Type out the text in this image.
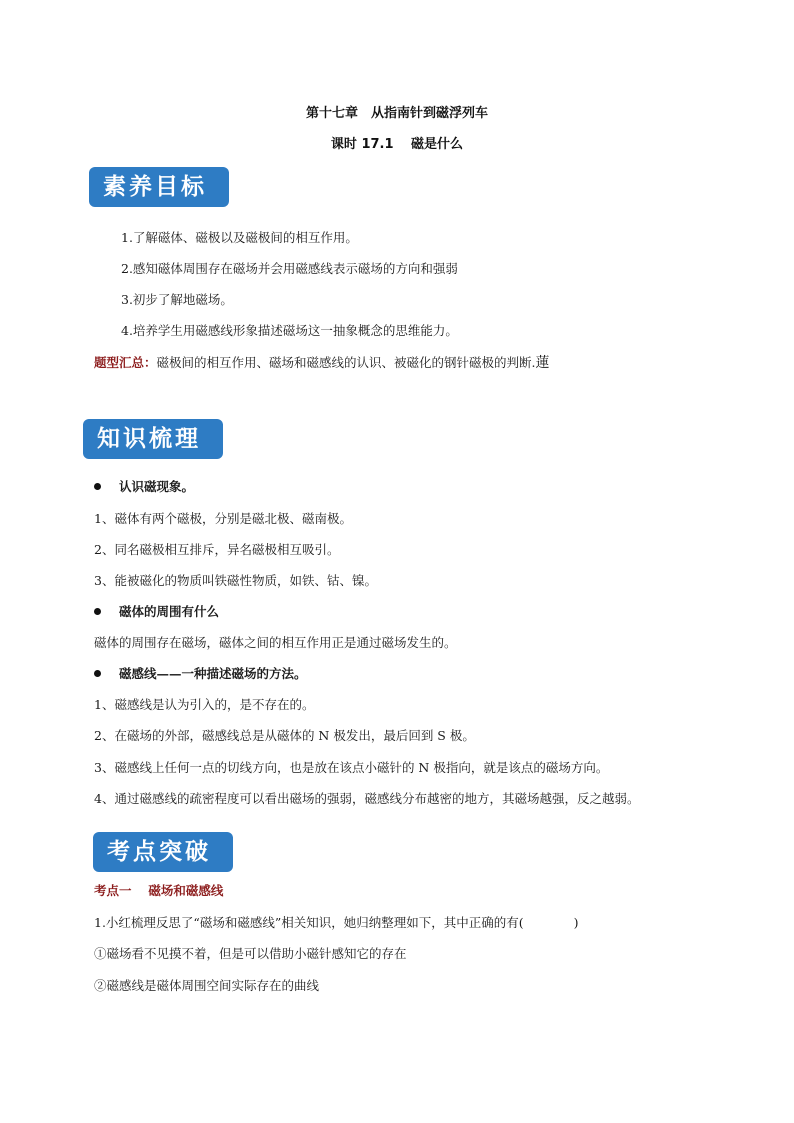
第十七章　从指南针到磁浮列车
课时 17.1　 磁是什么
素养目标
1.了解磁体、磁极以及磁极间的相互作用。
2.感知磁体周围存在磁场并会用磁感线表示磁场的方向和强弱
3.初步了解地磁场。
4.培养学生用磁感线形象描述磁场这一抽象概念的思维能力。
题型汇总：磁极间的相互作用、磁场和磁感线的认识、被磁化的钢针磁极的判断.蓮
知识梳理
认识磁现象。
1、磁体有两个磁极，分别是磁北极、磁南极。
2、同名磁极相互排斥，异名磁极相互吸引。
3、能被磁化的物质叫铁磁性物质，如铁、钴、镍。
磁体的周围有什么
磁体的周围存在磁场，磁体之间的相互作用正是通过磁场发生的。
磁感线——一种描述磁场的方法。
1、磁感线是认为引入的，是不存在的。
2、在磁场的外部，磁感线总是从磁体的 N 极发出，最后回到 S 极。
3、磁感线上任何一点的切线方向，也是放在该点小磁针的 N 极指向，就是该点的磁场方向。
4、通过磁感线的疏密程度可以看出磁场的强弱，磁感线分布越密的地方，其磁场越强，反之越弱。
考点突破
考点一　 磁场和磁感线
1.小红梳理反思了“磁场和磁感线”相关知识，她归纳整理如下，其中正确的有(　　　　)
①磁场看不见摸不着，但是可以借助小磁针感知它的存在
②磁感线是磁体周围空间实际存在的曲线
